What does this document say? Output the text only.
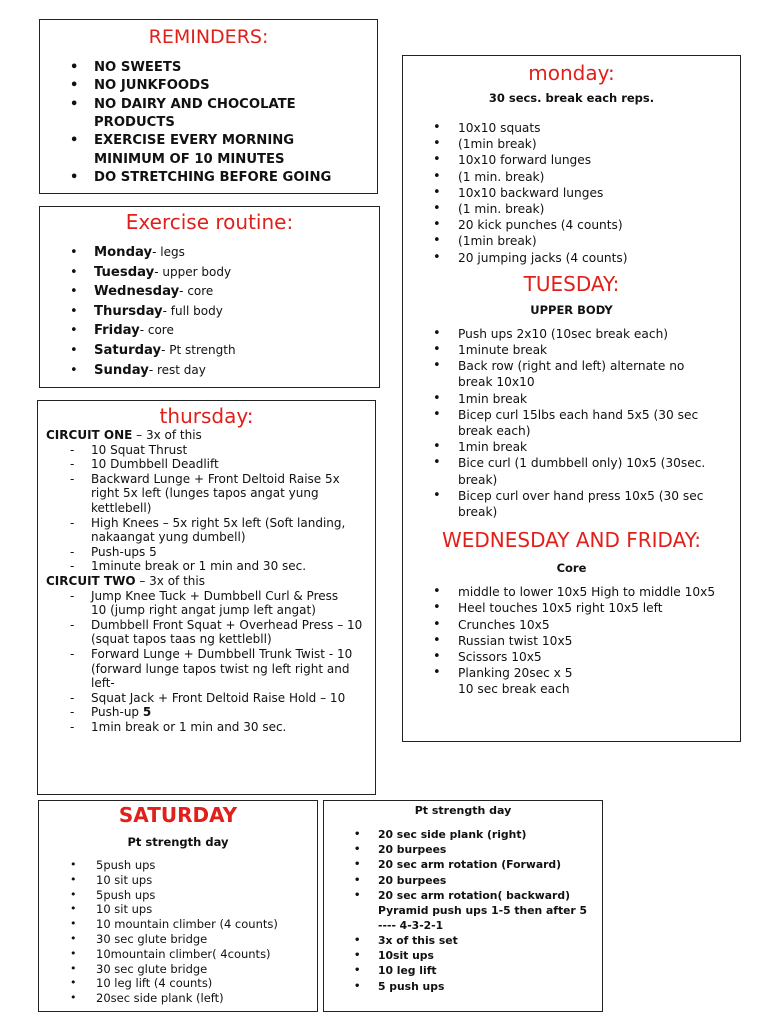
REMINDERS:
• NO SWEETS
• NO JUNKFOODS
• NO DAIRY AND CHOCOLATE PRODUCTS
• EXERCISE EVERY MORNING MINIMUM OF 10 MINUTES
• DO STRETCHING BEFORE GOING
Exercise routine:
• Monday- legs
• Tuesday- upper body
• Wednesday- core
• Thursday- full body
• Friday- core
• Saturday- Pt strength
• Sunday- rest day
thursday:
CIRCUIT ONE – 3x of this
- 10 Squat Thrust
- 10 Dumbbell Deadlift
- Backward Lunge + Front Deltoid Raise 5x right 5x left (lunges tapos angat yung kettlebell)
- High Knees – 5x right 5x left (Soft landing, nakaangat yung dumbell)
- Push-ups 5
- 1minute break or 1 min and 30 sec.
CIRCUIT TWO – 3x of this
- Jump Knee Tuck + Dumbbell Curl & Press 10 (jump right angat jump left angat)
- Dumbbell Front Squat + Overhead Press – 10 (squat tapos taas ng kettlebll)
- Forward Lunge + Dumbbell Trunk Twist - 10 (forward lunge tapos twist ng left right and left-
- Squat Jack + Front Deltoid Raise Hold – 10
- Push-up 5
- 1min break or 1 min and 30 sec.
monday:

30 secs. break each reps.

• 10x10 squats
• (1min break)
• 10x10 forward lunges
• (1 min. break)
• 10x10 backward lunges
• (1 min. break)
• 20 kick punches (4 counts)
• (1min break)
• 20 jumping jacks (4 counts)
TUESDAY:

UPPER BODY

• Push ups 2x10 (10sec break each)
• 1minute break
• Back row (right and left) alternate no break 10x10
• 1min break
• Bicep curl 15lbs each hand 5x5 (30 sec break each)
• 1min break
• Bice curl (1 dumbbell only) 10x5 (30sec. break)
• Bicep curl over hand press 10x5 (30 sec break)
WEDNESDAY AND FRIDAY:

Core

• middle to lower 10x5 High to middle 10x5
• Heel touches 10x5 right 10x5 left
• Crunches 10x5
• Russian twist 10x5
• Scissors 10x5
• Planking 20sec x 5
10 sec break each
SATURDAY

Pt strength day

• 5push ups
• 10 sit ups
• 5push ups
• 10 sit ups
• 10 mountain climber (4 counts)
• 30 sec glute bridge
• 10mountain climber( 4counts)
• 30 sec glute bridge
• 10 leg lift (4 counts)
• 20sec side plank (left)

Pt strength day

• 20 sec side plank (right)
• 20 burpees
• 20 sec arm rotation (Forward)
• 20 burpees
• 20 sec arm rotation( backward)
Pyramid push ups 1-5 then after 5 ---- 4-3-2-1
• 3x of this set
• 10sit ups
• 10 leg lift
• 5 push ups
